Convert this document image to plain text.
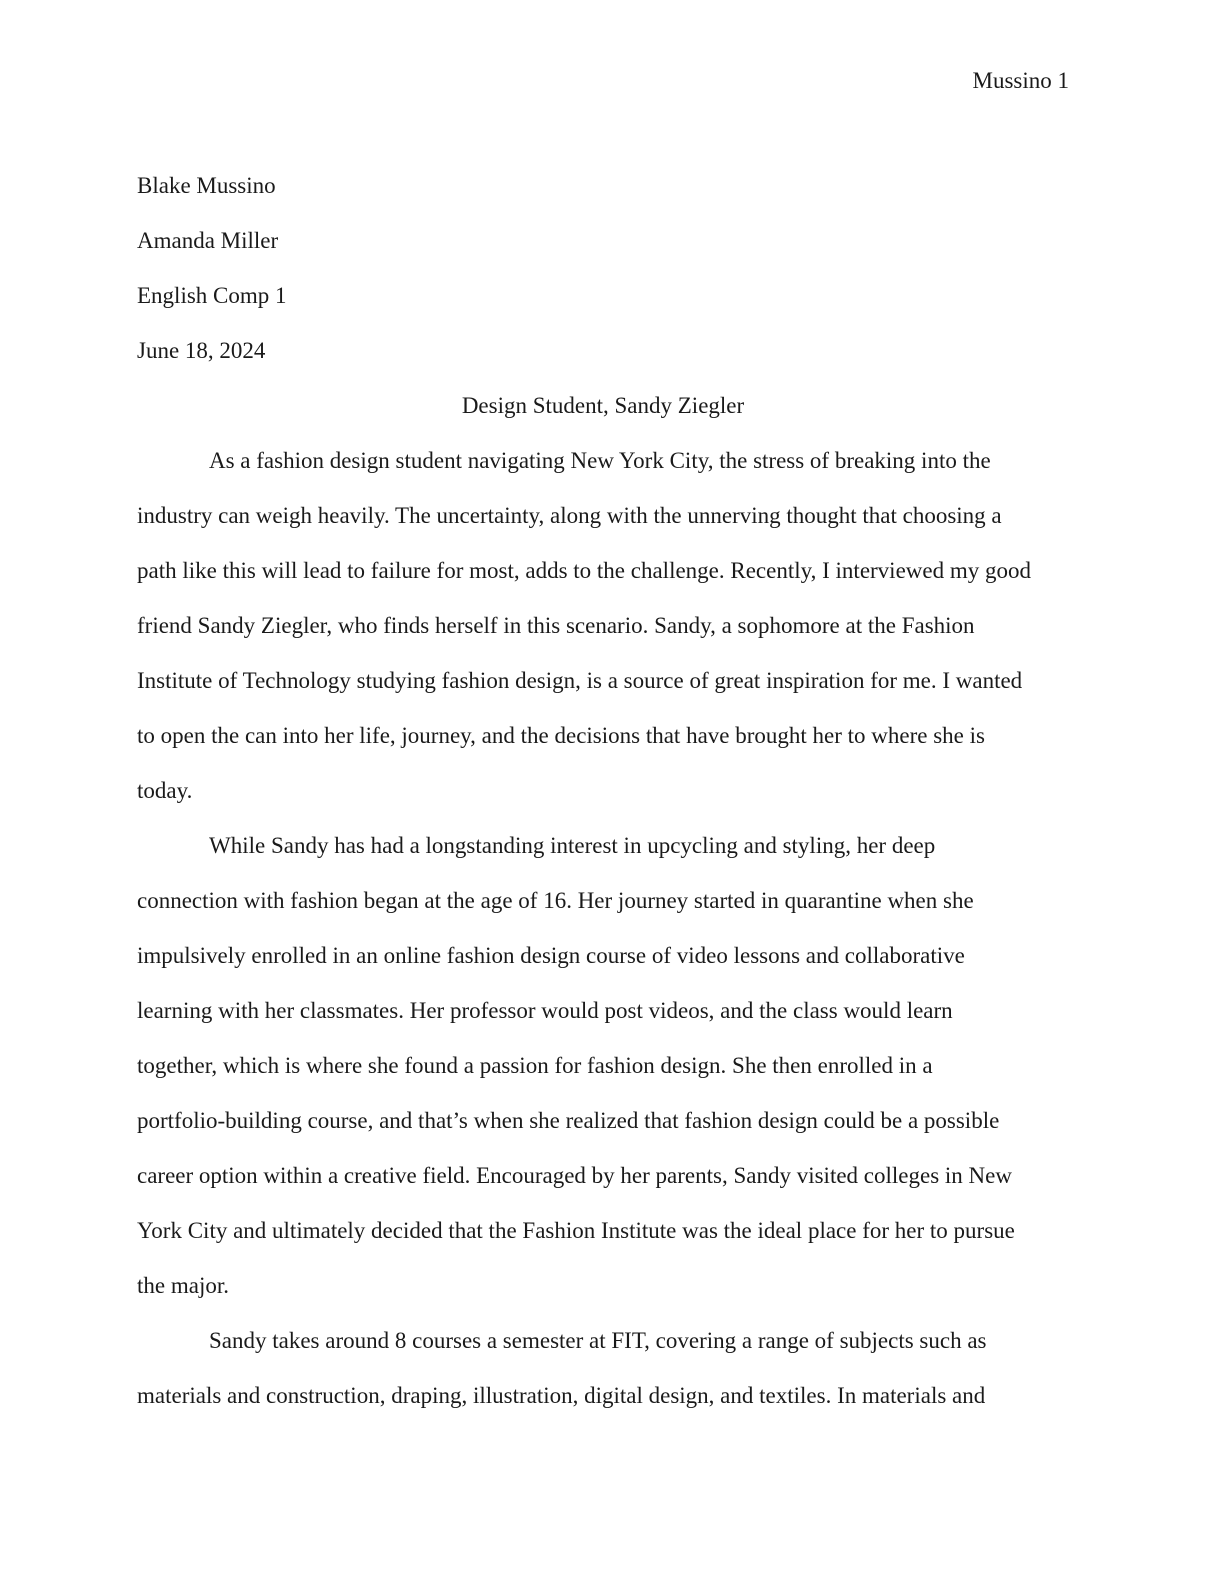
Mussino 1

Blake Mussino

Amanda Miller

English Comp 1

June 18, 2024

Design Student, Sandy Ziegler

As a fashion design student navigating New York City, the stress of breaking into the

industry can weigh heavily. The uncertainty, along with the unnerving thought that choosing a

path like this will lead to failure for most, adds to the challenge. Recently, I interviewed my good

friend Sandy Ziegler, who finds herself in this scenario. Sandy, a sophomore at the Fashion

Institute of Technology studying fashion design, is a source of great inspiration for me. I wanted

to open the can into her life, journey, and the decisions that have brought her to where she is

today.

While Sandy has had a longstanding interest in upcycling and styling, her deep

connection with fashion began at the age of 16. Her journey started in quarantine when she

impulsively enrolled in an online fashion design course of video lessons and collaborative

learning with her classmates. Her professor would post videos, and the class would learn

together, which is where she found a passion for fashion design. She then enrolled in a

portfolio-building course, and that’s when she realized that fashion design could be a possible

career option within a creative field. Encouraged by her parents, Sandy visited colleges in New

York City and ultimately decided that the Fashion Institute was the ideal place for her to pursue

the major.

Sandy takes around 8 courses a semester at FIT, covering a range of subjects such as

materials and construction, draping, illustration, digital design, and textiles. In materials and
